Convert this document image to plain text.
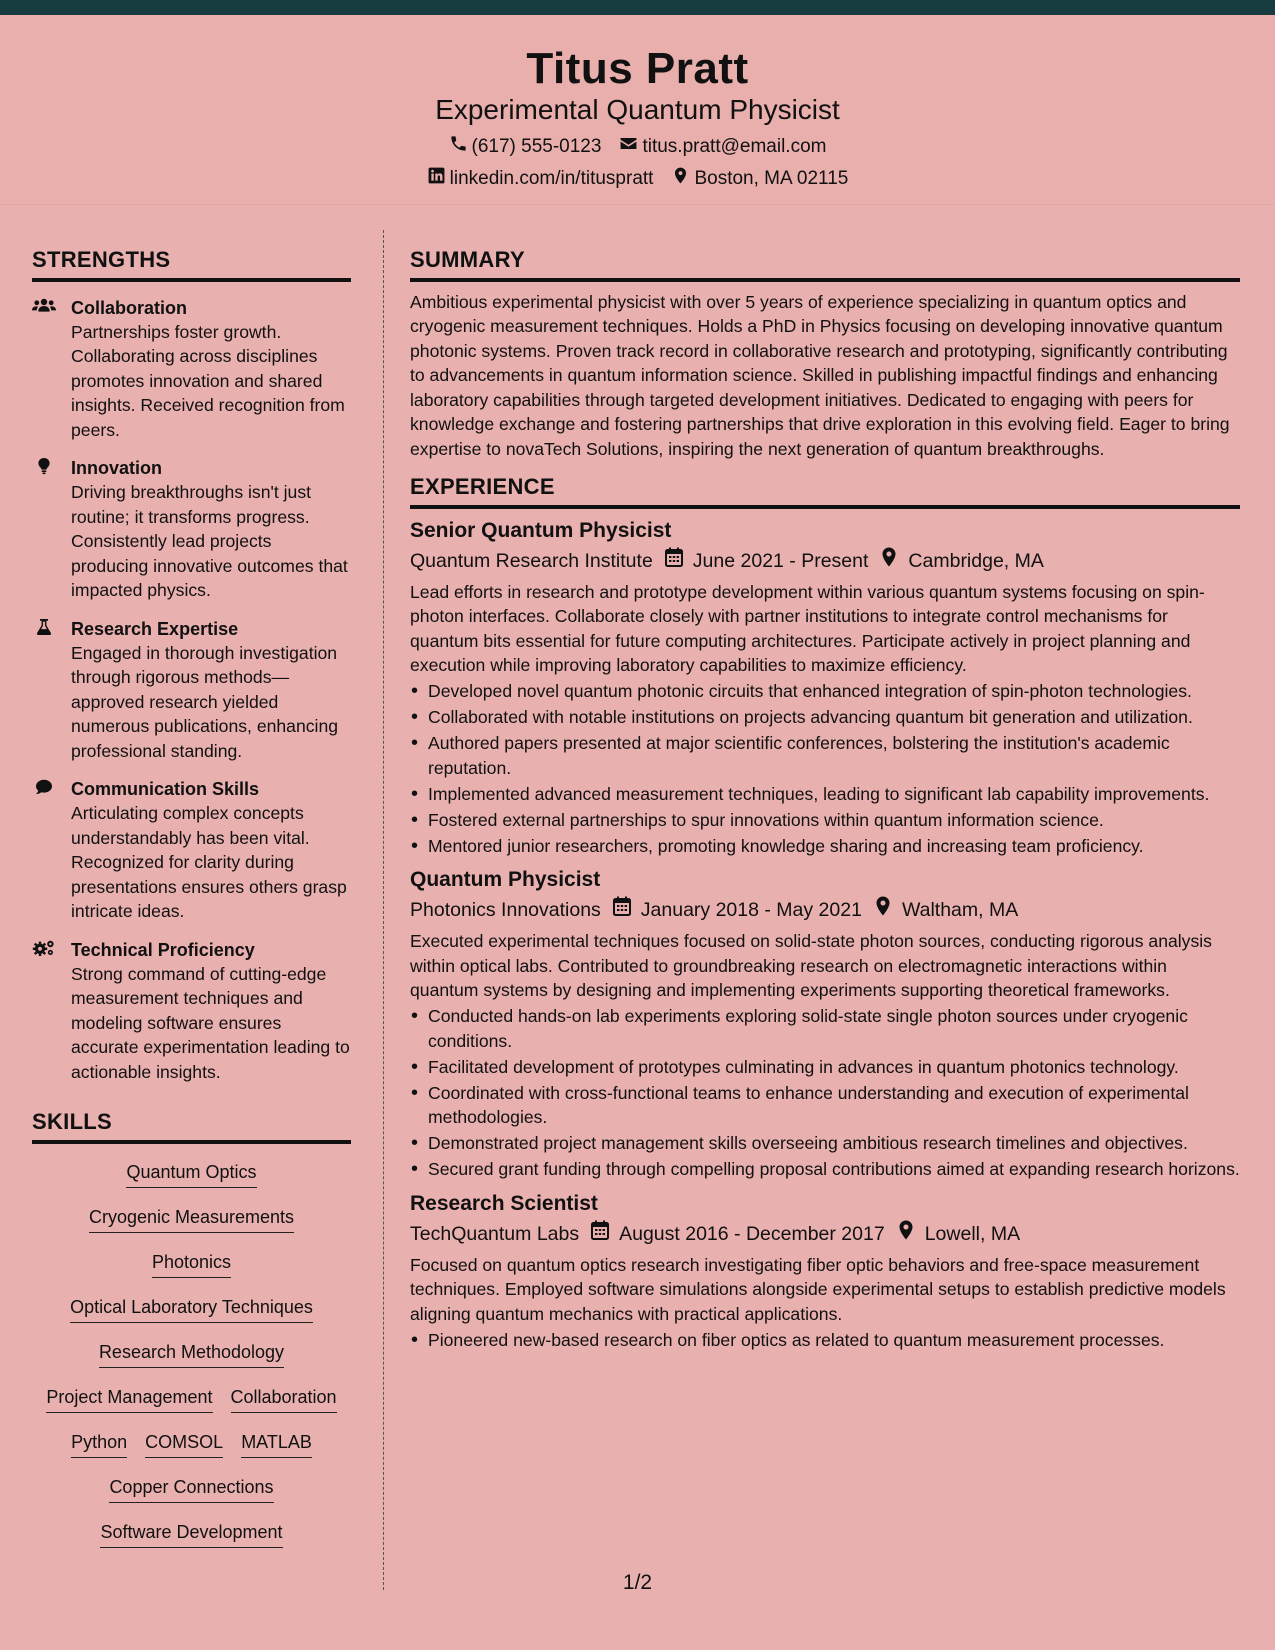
Titus Pratt
Experimental Quantum Physicist
(617) 555-0123 titus.pratt@email.com
linkedin.com/in/tituspratt Boston, MA 02115
STRENGTHS
Collaboration
Partnerships foster growth. Collaborating across disciplines promotes innovation and shared insights. Received recognition from peers.
Innovation
Driving breakthroughs isn't just routine; it transforms progress. Consistently lead projects producing innovative outcomes that impacted physics.
Research Expertise
Engaged in thorough investigation through rigorous methods—approved research yielded numerous publications, enhancing professional standing.
Communication Skills
Articulating complex concepts understandably has been vital. Recognized for clarity during presentations ensures others grasp intricate ideas.
Technical Proficiency
Strong command of cutting-edge measurement techniques and modeling software ensures accurate experimentation leading to actionable insights.
SKILLS
Quantum Optics
Cryogenic Measurements
Photonics
Optical Laboratory Techniques
Research Methodology
Project Management Collaboration
Python COMSOL MATLAB
Copper Connections
Software Development
SUMMARY
Ambitious experimental physicist with over 5 years of experience specializing in quantum optics and cryogenic measurement techniques. Holds a PhD in Physics focusing on developing innovative quantum photonic systems. Proven track record in collaborative research and prototyping, significantly contributing to advancements in quantum information science. Skilled in publishing impactful findings and enhancing laboratory capabilities through targeted development initiatives. Dedicated to engaging with peers for knowledge exchange and fostering partnerships that drive exploration in this evolving field. Eager to bring expertise to novaTech Solutions, inspiring the next generation of quantum breakthroughs.
EXPERIENCE
Senior Quantum Physicist
Quantum Research Institute June 2021 - Present Cambridge, MA
Lead efforts in research and prototype development within various quantum systems focusing on spin-photon interfaces. Collaborate closely with partner institutions to integrate control mechanisms for quantum bits essential for future computing architectures. Participate actively in project planning and execution while improving laboratory capabilities to maximize efficiency.
• Developed novel quantum photonic circuits that enhanced integration of spin-photon technologies.
• Collaborated with notable institutions on projects advancing quantum bit generation and utilization.
• Authored papers presented at major scientific conferences, bolstering the institution's academic reputation.
• Implemented advanced measurement techniques, leading to significant lab capability improvements.
• Fostered external partnerships to spur innovations within quantum information science.
• Mentored junior researchers, promoting knowledge sharing and increasing team proficiency.
Quantum Physicist
Photonics Innovations January 2018 - May 2021 Waltham, MA
Executed experimental techniques focused on solid-state photon sources, conducting rigorous analysis within optical labs. Contributed to groundbreaking research on electromagnetic interactions within quantum systems by designing and implementing experiments supporting theoretical frameworks.
• Conducted hands-on lab experiments exploring solid-state single photon sources under cryogenic conditions.
• Facilitated development of prototypes culminating in advances in quantum photonics technology.
• Coordinated with cross-functional teams to enhance understanding and execution of experimental methodologies.
• Demonstrated project management skills overseeing ambitious research timelines and objectives.
• Secured grant funding through compelling proposal contributions aimed at expanding research horizons.
Research Scientist
TechQuantum Labs August 2016 - December 2017 Lowell, MA
Focused on quantum optics research investigating fiber optic behaviors and free-space measurement techniques. Employed software simulations alongside experimental setups to establish predictive models aligning quantum mechanics with practical applications.
• Pioneered new-based research on fiber optics as related to quantum measurement processes.
1/2
